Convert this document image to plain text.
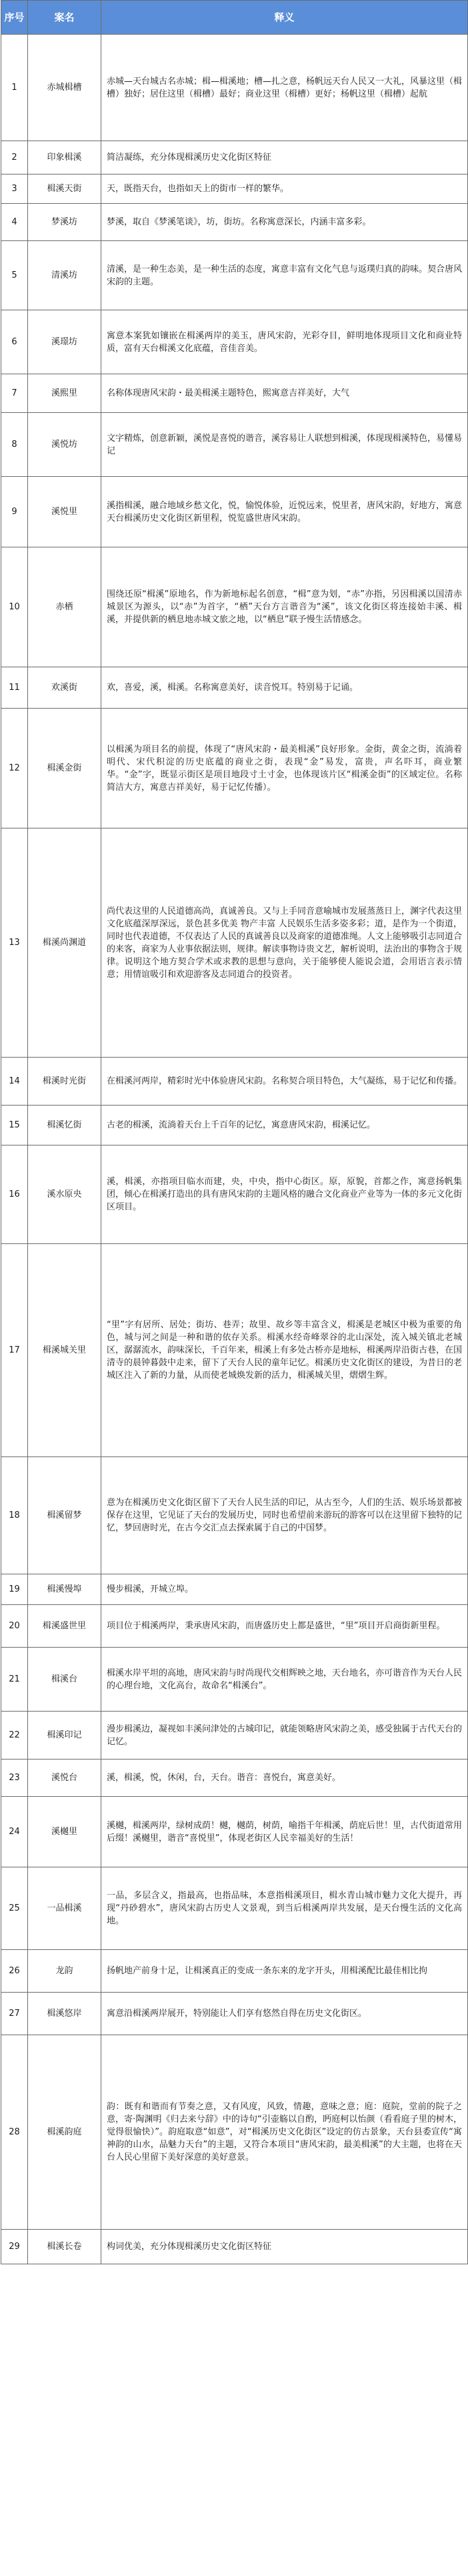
序号	案名	释义
1	赤城楫槽	赤城—天台城古名赤城；楫—楫溪地；槽—扎之意，杨帆远天台人民又一大礼，风暴这里（楫槽）独好；居住这里（楫槽）最好；商业这里（楫槽）更好；杨帆这里（楫槽）起航
2	印象楫溪	简洁凝练，充分体现楫溪历史文化街区特征
3	楫溪天街	天，既指天台，也指如天上的街市一样的繁华。
4	梦溪坊	梦溪，取自《梦溪笔谈》，坊，街坊。名称寓意深长，内涵丰富多彩。
5	清溪坊	清溪，是一种生态美，是一种生活的态度，寓意丰富有文化气息与返璞归真的韵味。契合唐风宋韵的主题。
6	溪璟坊	寓意本案犹如镶嵌在楫溪两岸的美玉，唐风宋韵，光彩夺目，鲜明地体现项目文化和商业特质，富有天台楫溪文化底蕴，音佳音美。
7	溪熙里	名称体现唐风宋韵・最美楫溪主题特色，熙寓意吉祥美好，大气
8	溪悦坊	文字精炼，创意新颖，溪悦是喜悦的谐音，溪容易让人联想到楫溪，体现现楫溪特色，易懂易记
9	溪悦里	溪指楫溪，融合地域乡愁文化，悦，愉悦体验，近悦远来，悦里者，唐风宋韵，好地方，寓意天台楫溪历史文化街区新里程，悦览盛世唐风宋韵。
10	赤栖	围绕还原“楫溪”原地名，作为新地标起名创意，“楫”意为划，“赤”亦指，另因楫溪以国清赤城景区为源头，以“赤”为首字，“栖”天台方言谐音为“溪”，该文化街区将连接始丰溪、楫溪，并提供新的栖息地赤城文旅之地，以“栖息”联予慢生活情感念。
11	欢溪街	欢，喜爱，溪，楫溪。名称寓意美好，读音悦耳。特别易于记诵。
12	楫溪金街	以楫溪为项目名的前提，体现了“唐风宋韵・最美楫溪”良好形象。金街，黄金之街，流淌着明代、宋代积淀的历史底蕴的商业之街，表现“金”易发，富贵，声名吓耳，商业繁华。“金”字，既显示街区是项目地段寸土寸金，也体现该片区“楫溪金街”的区域定位。名称简洁大方，寓意吉祥美好，易于记忆传播）。
13	楫溪尚渊道	尚代表这里的人民道德高尚，真诚善良。又与上手同音意喻城市发展蒸蒸日上，渊字代表这里文化底蕴深厚深远，景色甚多优美 物产丰富 人民娱乐生活多姿多彩；道，是作为一个街道，同时也代表道德，不仅表达了人民的真诚善良以及商家的道德准绳。人文上能够吸引志同道合的来客，商家为人业事依据法则，规律。解读事物诗贵文艺，解析说明，法治出的事物含于规律。说明这个地方契合学术或求教的思想与意向，关于能够使人能说会道，会用语言表示情意；用情谊吸引和欢迎游客及志同道合的投资者。
14	楫溪时光街	在楫溪河两岸，精彩时光中体验唐风宋韵。名称契合项目特色，大气凝练，易于记忆和传播。
15	楫溪忆街	古老的楫溪，流淌着天台上千百年的记忆，寓意唐风宋韵，楫溪记忆。
16	溪水原央	溪，楫溪，亦指项目临水而建，央，中央，指中心街区。原，原貌，首都之作，寓意扬帆集团，倾心在楫溪打造出的具有唐风宋韵的主题风格的融合文化商业产业等为一体的多元文化街区项目。
17	楫溪城关里	“里”字有居所、居处；街坊、巷弄；故里、故乡等丰富含义，楫溪是老城区中极为重要的角色，城与河之间是一种和谐的依存关系。楫溪水经奇峰翠谷的北山深处，流入城关镇北老城区，潺潺流水，韵味深长，千百年来，楫溪上有多处古桥亦是地标，楫溪两岸沿街古巷，在国清寺的晨钟暮鼓中走来，留下了天台人民的童年记忆。楫溪历史文化街区的建设，为昔日的老城区注入了新的力量，从而使老城焕发新的活力，楫溪城关里，熠熠生辉。
18	楫溪留梦	意为在楫溪历史文化街区留下了天台人民生活的印记，从古至今，人们的生活、娱乐场景都被保存在这里，它见证了天台的发展历史，同时也希望前来游玩的游客可以在这里留下独特的记忆，梦回唐时光，在古今交汇点去探索属于自己的中国梦。
19	楫溪慢埠	慢步楫溪，开城立埠。
20	楫溪盛世里	项目位于楫溪两岸，秉承唐风宋韵，而唐盛历史上都是盛世，“里”项目开启商街新里程。
21	楫溪台	楫溪水岸平坦的高地，唐风宋韵与时尚现代交相辉映之地，天台地名，亦可谐音作为天台人民的心理台地，文化高台，故命名“楫溪台”。
22	楫溪印记	漫步楫溪边，凝视如丰溪问津处的古城印记，就能领略唐风宋韵之美，感受独属于古代天台的记忆。
23	溪悦台	溪，楫溪，悦，休闲，台，天台。谐音：喜悦台，寓意美好。
24	溪樾里	溪樾，楫溪两岸，绿树成荫！樾，樾荫，树荫，喻指千年楫溪，荫庇后世！里，古代街道常用后缀！溪樾里，谐音“喜悦里”，体现老街区人民幸福美好的生活！
25	一品楫溪	一品，多层含义，指最高，也指品味，本意指楫溪项目，楫水青山城市魅力文化大提升，再现“丹砂碧水”，唐风宋韵古历史人文景观，到当后楫溪两岸共发展，是天台慢生活的文化高地。
26	龙韵	扬帆地产前身十足，让楫溪真正的变成一条东来的龙字开头，用楫溪配比最佳相比拘
27	楫溪悠岸	寓意沿楫溪两岸展开，特别能让人们享有悠然自得在历史文化街区。
28	楫溪韵庭	韵：既有和谐而有节奏之意，又有风度，风致，情趣，意味之意；庭：庭院，堂前的院子之意，寄·陶渊明《归去来兮辞》中的诗句“引壶觞以自酌，眄庭柯以怡颜（看看庭子里的树木，觉得很愉快）”。韵庭取意“如意”，对“楫溪历史文化街区”设定的仿古景象，天台县委宣传“寓神韵的山水，品魅力天台”的主题，又符合本项目“唐风宋韵，最美楫溪”的大主题，也将在天台人民心里留下美好深意的美好意景。
29	楫溪长卷	构词优美，充分体现楫溪历史文化街区特征
